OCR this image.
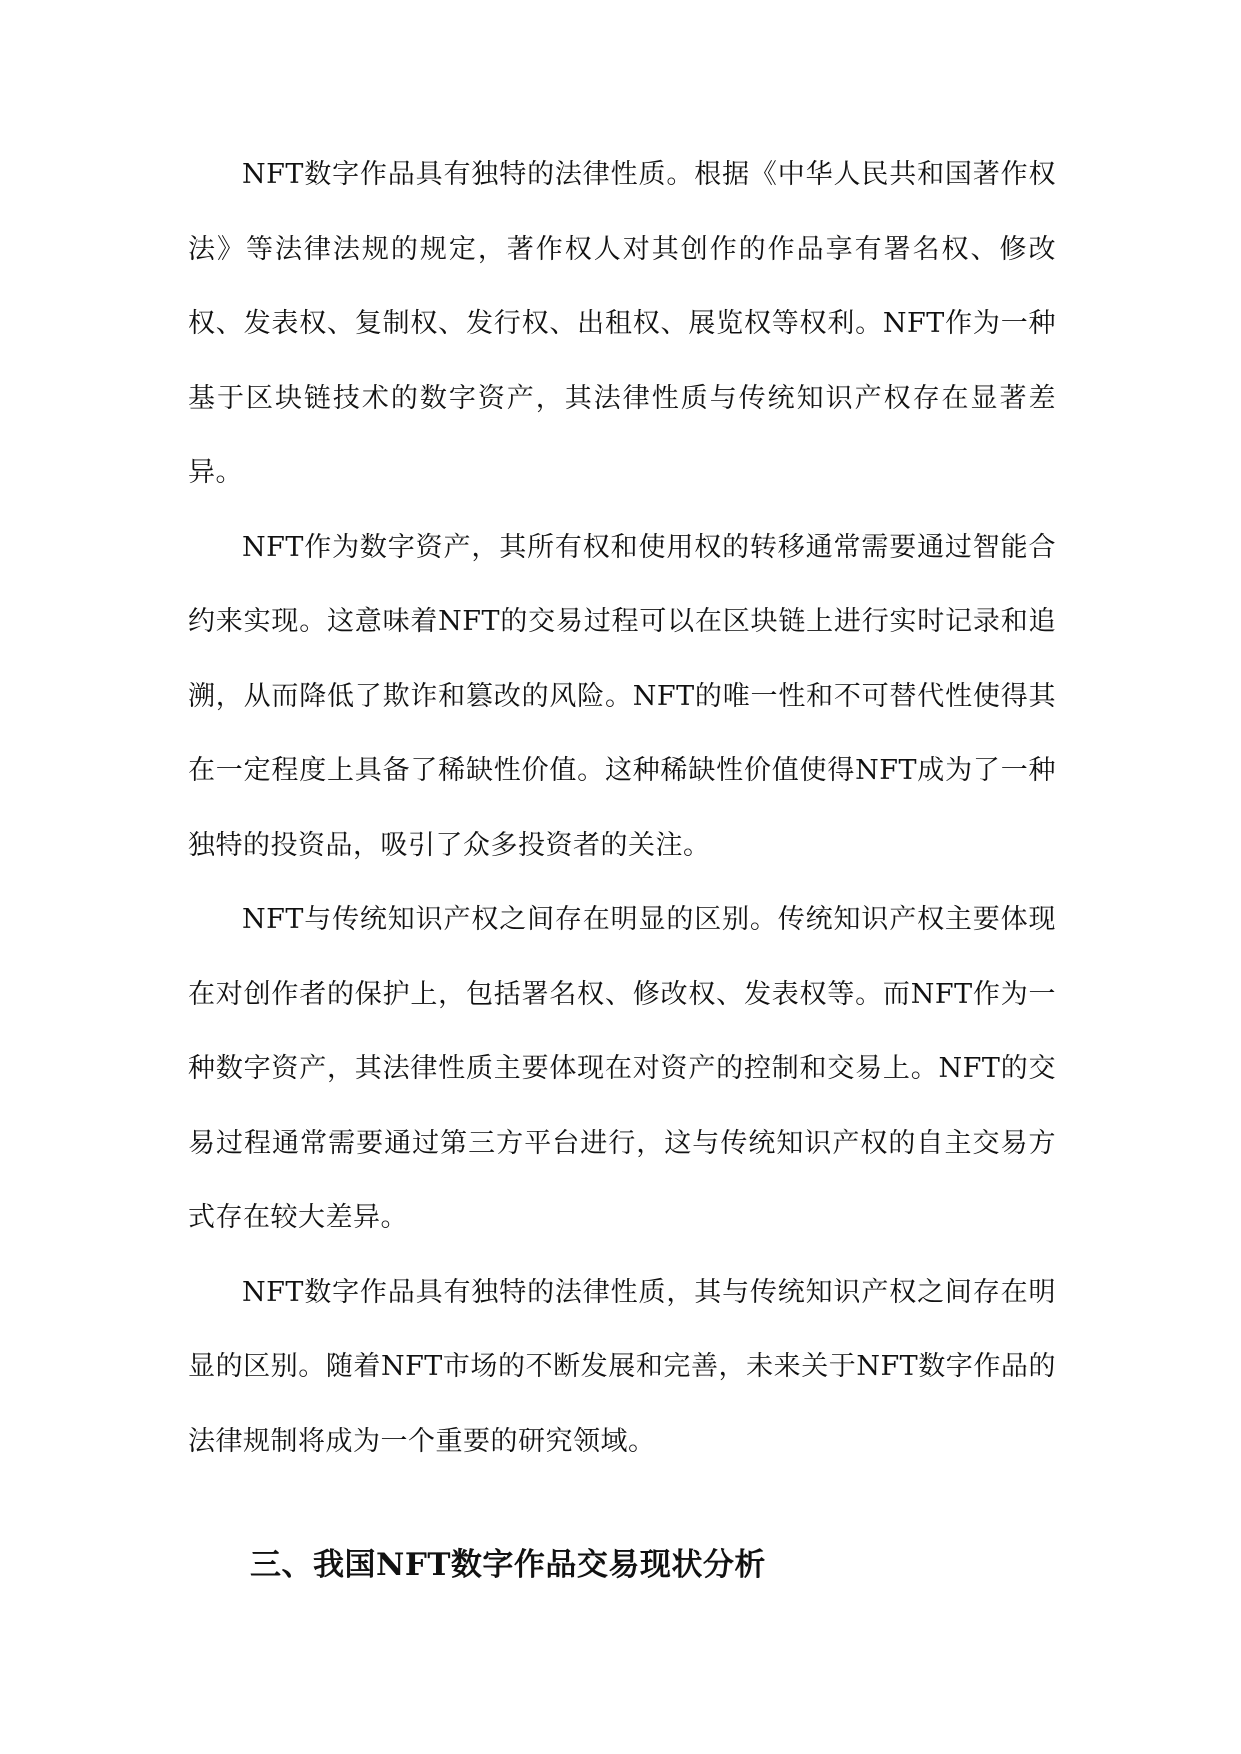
NFT数字作品具有独特的法律性质。根据《中华人民共和国著作权法》等法律法规的规定，著作权人对其创作的作品享有署名权、修改权、发表权、复制权、发行权、出租权、展览权等权利。NFT作为一种基于区块链技术的数字资产，其法律性质与传统知识产权存在显著差异。

NFT作为数字资产，其所有权和使用权的转移通常需要通过智能合约来实现。这意味着NFT的交易过程可以在区块链上进行实时记录和追溯，从而降低了欺诈和篡改的风险。NFT的唯一性和不可替代性使得其在一定程度上具备了稀缺性价值。这种稀缺性价值使得NFT成为了一种独特的投资品，吸引了众多投资者的关注。

NFT与传统知识产权之间存在明显的区别。传统知识产权主要体现在对创作者的保护上，包括署名权、修改权、发表权等。而NFT作为一种数字资产，其法律性质主要体现在对资产的控制和交易上。NFT的交易过程通常需要通过第三方平台进行，这与传统知识产权的自主交易方式存在较大差异。

NFT数字作品具有独特的法律性质，其与传统知识产权之间存在明显的区别。随着NFT市场的不断发展和完善，未来关于NFT数字作品的法律规制将成为一个重要的研究领域。

三、我国NFT数字作品交易现状分析
